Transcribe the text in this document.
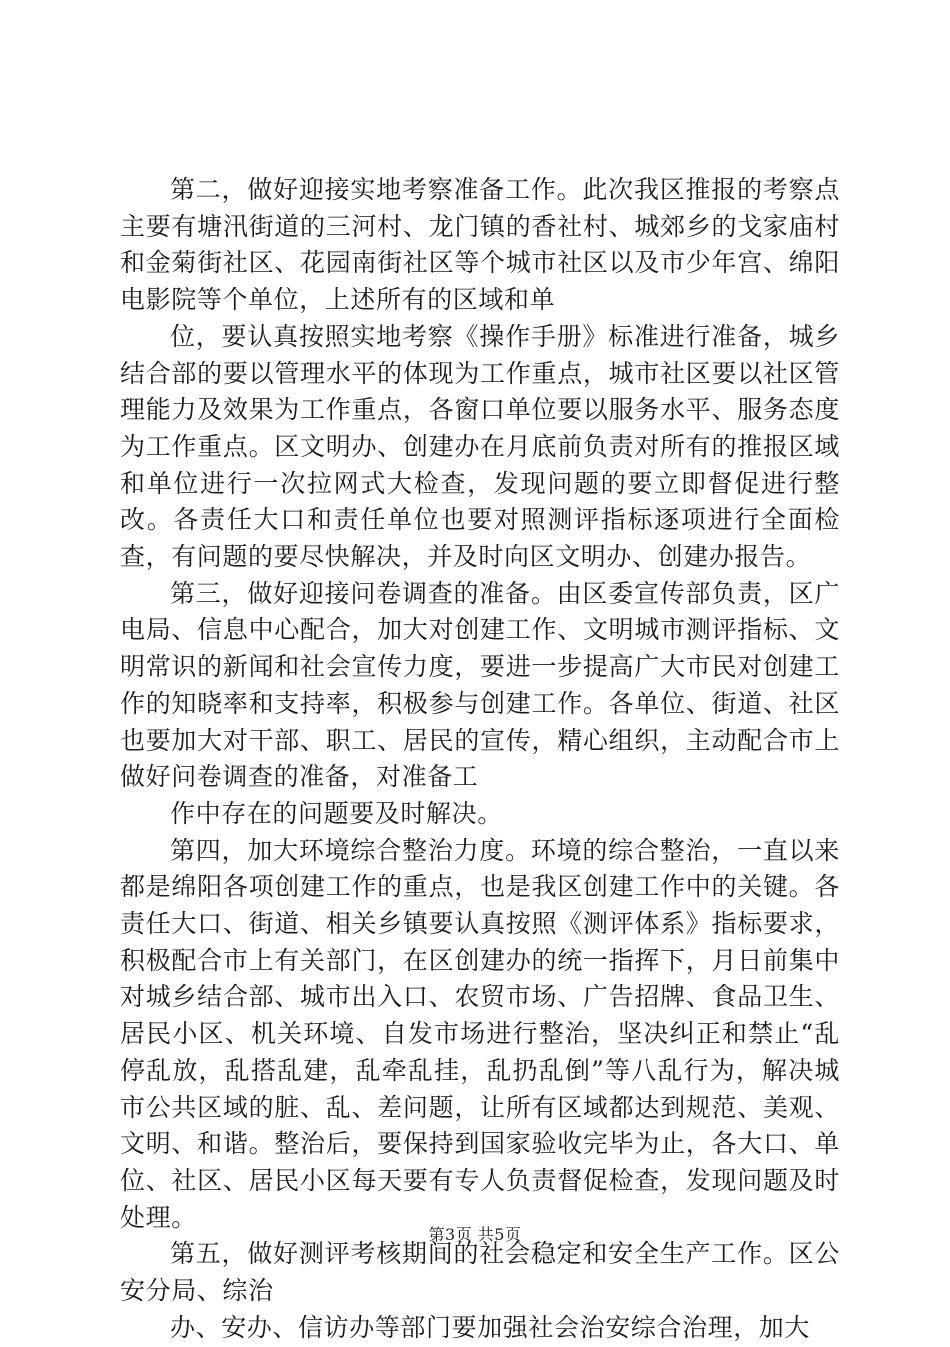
第二，做好迎接实地考察准备工作。此次我区推报的考察点主要有塘汛街道的三河村、龙门镇的香社村、城郊乡的戈家庙村和金菊街社区、花园南街社区等个城市社区以及市少年宫、绵阳电影院等个单位，上述所有的区域和单

位，要认真按照实地考察《操作手册》标准进行准备，城乡结合部的要以管理水平的体现为工作重点，城市社区要以社区管理能力及效果为工作重点，各窗口单位要以服务水平、服务态度为工作重点。区文明办、创建办在月底前负责对所有的推报区域和单位进行一次拉网式大检查，发现问题的要立即督促进行整改。各责任大口和责任单位也要对照测评指标逐项进行全面检查，有问题的要尽快解决，并及时向区文明办、创建办报告。

第三，做好迎接问卷调查的准备。由区委宣传部负责，区广电局、信息中心配合，加大对创建工作、文明城市测评指标、文明常识的新闻和社会宣传力度，要进一步提高广大市民对创建工作的知晓率和支持率，积极参与创建工作。各单位、街道、社区也要加大对干部、职工、居民的宣传，精心组织，主动配合市上做好问卷调查的准备，对准备工

作中存在的问题要及时解决。

第四，加大环境综合整治力度。环境的综合整治，一直以来都是绵阳各项创建工作的重点，也是我区创建工作中的关键。各责任大口、街道、相关乡镇要认真按照《测评体系》指标要求，积极配合市上有关部门，在区创建办的统一指挥下，月日前集中对城乡结合部、城市出入口、农贸市场、广告招牌、食品卫生、居民小区、机关环境、自发市场进行整治，坚决纠正和禁止“乱停乱放，乱搭乱建，乱牵乱挂，乱扔乱倒”等八乱行为，解决城市公共区域的脏、乱、差问题，让所有区域都达到规范、美观、文明、和谐。整治后，要保持到国家验收完毕为止，各大口、单位、社区、居民小区每天要有专人负责督促检查，发现问题及时处理。

第五，做好测评考核期间的社会稳定和安全生产工作。区公安分局、综治

办、安办、信访办等部门要加强社会治安综合治理，加大

第3页 共5页
